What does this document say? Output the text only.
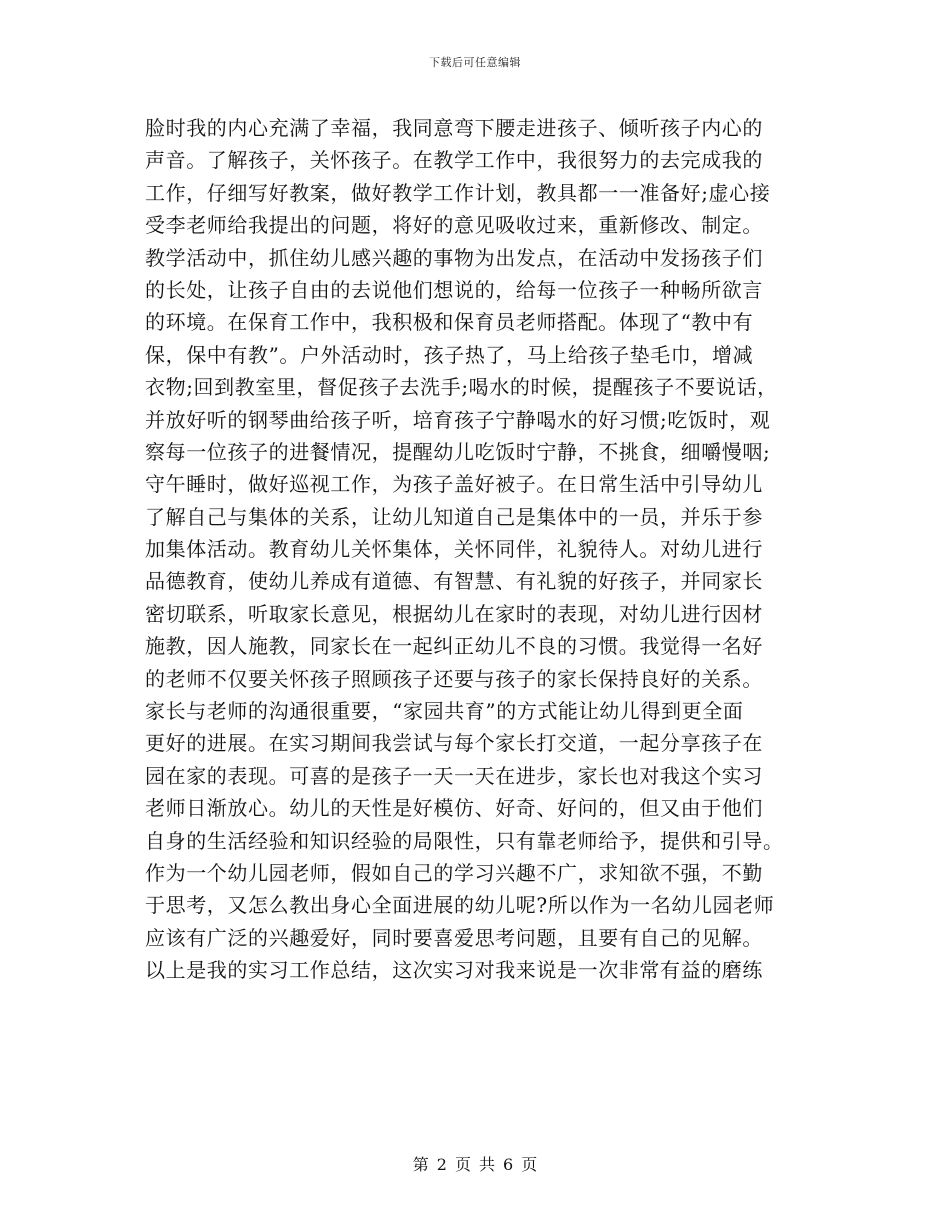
下载后可任意编辑
脸时我的内心充满了幸福，我同意弯下腰走进孩子、倾听孩子内心的
声音。了解孩子，关怀孩子。在教学工作中，我很努力的去完成我的
工作，仔细写好教案，做好教学工作计划，教具都一一准备好;虚心接
受李老师给我提出的问题，将好的意见吸收过来，重新修改、制定。
教学活动中，抓住幼儿感兴趣的事物为出发点，在活动中发扬孩子们
的长处，让孩子自由的去说他们想说的，给每一位孩子一种畅所欲言
的环境。在保育工作中，我积极和保育员老师搭配。体现了“教中有
保，保中有教”。户外活动时，孩子热了，马上给孩子垫毛巾，增减
衣物;回到教室里，督促孩子去洗手;喝水的时候，提醒孩子不要说话，
并放好听的钢琴曲给孩子听，培育孩子宁静喝水的好习惯;吃饭时，观
察每一位孩子的进餐情况，提醒幼儿吃饭时宁静，不挑食，细嚼慢咽;
守午睡时，做好巡视工作，为孩子盖好被子。在日常生活中引导幼儿
了解自己与集体的关系，让幼儿知道自己是集体中的一员，并乐于参
加集体活动。教育幼儿关怀集体，关怀同伴，礼貌待人。对幼儿进行
品德教育，使幼儿养成有道德、有智慧、有礼貌的好孩子，并同家长
密切联系，听取家长意见，根据幼儿在家时的表现，对幼儿进行因材
施教，因人施教，同家长在一起纠正幼儿不良的习惯。我觉得一名好
的老师不仅要关怀孩子照顾孩子还要与孩子的家长保持良好的关系。
家长与老师的沟通很重要，“家园共育”的方式能让幼儿得到更全面
更好的进展。在实习期间我尝试与每个家长打交道，一起分享孩子在
园在家的表现。可喜的是孩子一天一天在进步，家长也对我这个实习
老师日渐放心。幼儿的天性是好模仿、好奇、好问的，但又由于他们
自身的生活经验和知识经验的局限性，只有靠老师给予，提供和引导。
作为一个幼儿园老师，假如自己的学习兴趣不广，求知欲不强，不勤
于思考，又怎么教出身心全面进展的幼儿呢?所以作为一名幼儿园老师
应该有广泛的兴趣爱好，同时要喜爱思考问题，且要有自己的见解。
以上是我的实习工作总结，这次实习对我来说是一次非常有益的磨练
第 2 页 共 6 页
